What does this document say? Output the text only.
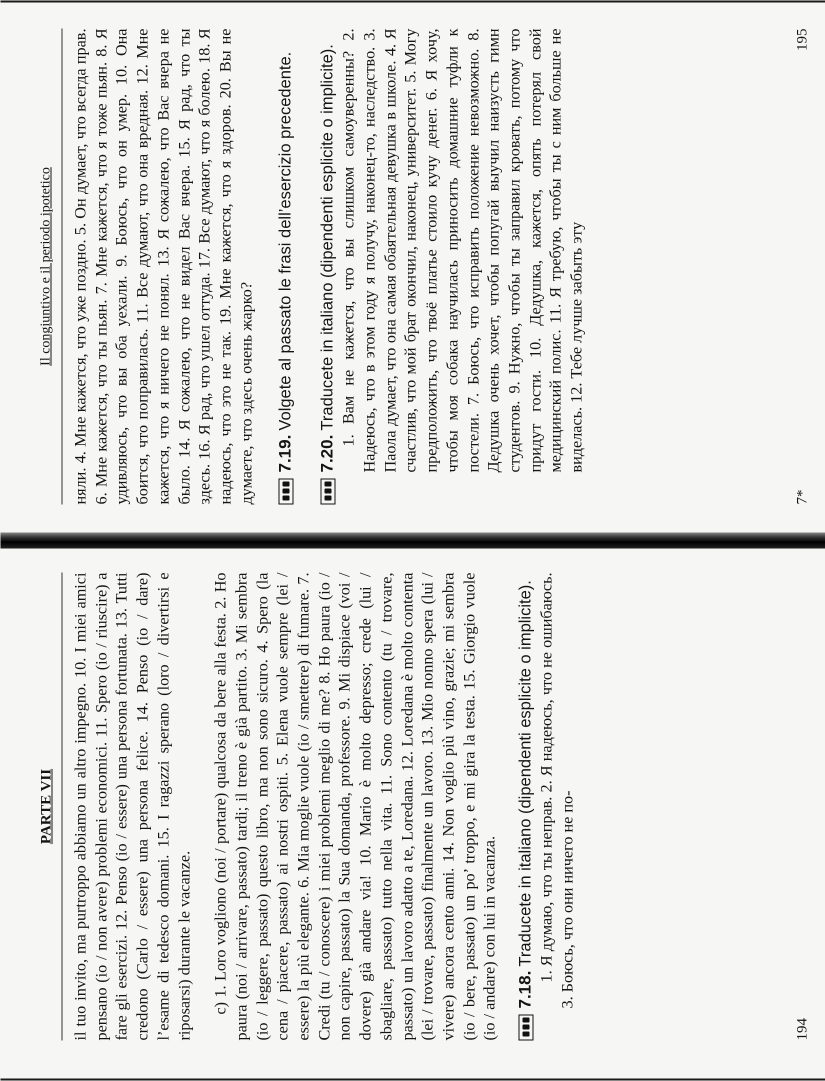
PARTE VII il tuo invito, ma purtroppo abbiamo un altro impegno. 10. I miei amici pensano (io / non avere) problemi economici. 11. Spero (io / riuscire) a fare gli esercizi. 12. Penso (io / essere) una persona fortunata. 13. Tutti credono (Carlo / essere) una persona felice. 14. Penso (io / dare) l’esame di tedesco domani. 15. I ragazzi sperano (loro / divertirsi e riposarsi) durante le vacanze. c) 1. Loro vogliono (noi / portare) qualcosa da bere alla festa. 2. Ho paura (noi / arrivare, passato) tardi; il treno è già partito. 3. Mi sembra (io / leggere, passato) questo libro, ma non sono sicuro. 4. Spero (la cena / piacere, passato) ai nostri ospiti. 5. Elena vuole sempre (lei / essere) la più elegante. 6. Mia moglie vuole (io / smettere) di fumare. 7. Credi (tu / conoscere) i miei problemi meglio di me? 8. Ho paura (io / non capire, passato) la Sua domanda, professore. 9. Mi dispiace (voi / dovere) già andare via! 10. Mario è molto depresso; crede (lui / sbagliare, passato) tutto nella vita. 11. Sono contento (tu / trovare, passato) un lavoro adatto a te, Loredana. 12. Loredana è molto contenta (lei / trovare, passato) finalmente un lavoro. 13. Mio nonno spera (lui / vivere) ancora cento anni. 14. Non voglio più vino, grazie; mi sembra (io / bere, passato) un po’ troppo, e mi gira la testa. 15. Giorgio vuole (io / andare) con lui in vacanza. 7.18. Traducete in italiano (dipendenti esplicite o implicite). 1. Я думаю, что ты неправ. 2. Я надеюсь, что не ошибаюсь. 3. Боюсь, что они ничего не по-

194
Il congiuntivo e il periodo ipotetico няли. 4. Мне кажется, что уже поздно. 5. Он думает, что всегда прав. 6. Мне кажется, что ты пьян. 7. Мне кажется, что я тоже пьян. 8. Я удивляюсь, что вы оба уехали. 9. Боюсь, что он умер. 10. Она боится, что поправилась. 11. Все думают, что она вредная. 12. Мне кажется, что я ничего не понял. 13. Я сожалею, что Вас вчера не было. 14. Я сожалею, что не видел Вас вчера. 15. Я рад, что ты здесь. 16. Я рад, что ушел оттуда. 17. Все думают, что я болею. 18. Я надеюсь, что это не так. 19. Мне кажется, что я здоров. 20. Вы не думаете, что здесь очень жарко? 7.19. Volgete al passato le frasi dell’esercizio precedente.
7.20. Traducete in italiano (dipendenti esplicite o implicite). 1. Вам не кажется, что вы слишком самоуверенны? 2. Надеюсь, что в этом году я получу, наконец-то, наследство. 3. Паола думает, что она самая обаятельная девушка в школе. 4. Я счастлив, что мой брат окончил, наконец, университет. 5. Могу предположить, что твоё платье стоило кучу денег. 6. Я хочу, чтобы моя собака научилась приносить домашние туфли к постели. 7. Боюсь, что исправить положение невозможно. 8. Дедушка очень хочет, чтобы попугай выучил наизусть гимн студентов. 9. Нужно, чтобы ты заправил кровать, потому что придут гости. 10. Дедушка, кажется, опять потерял свой медицинский полис. 11. Я требую, чтобы ты с ним больше не виделась. 12. Тебе лучше забыть эту

7*
195
